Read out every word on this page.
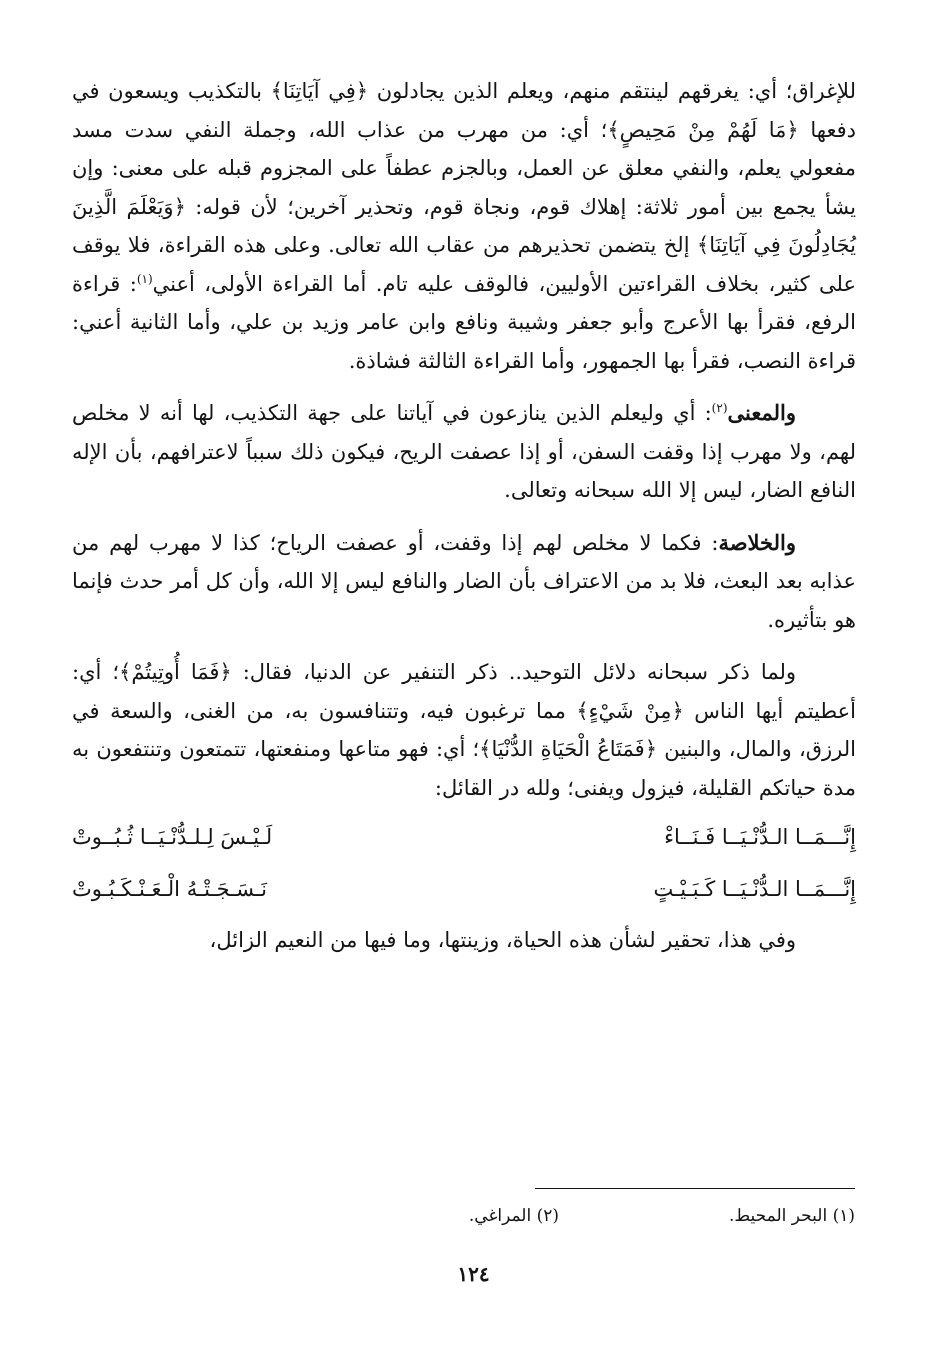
للإغراق؛ أي: يغرقهم لينتقم منهم، ويعلم الذين يجادلون ﴿فِي آيَاتِنَا﴾ بالتكذيب ويسعون في دفعها ﴿مَا لَهُمْ مِنْ مَحِيصٍ﴾؛ أي: من مهرب من عذاب الله، وجملة النفي سدت مسد مفعولي يعلم، والنفي معلق عن العمل، وبالجزم عطفاً على المجزوم قبله على معنى: وإن يشأ يجمع بين أمور ثلاثة: إهلاك قوم، ونجاة قوم، وتحذير آخرين؛ لأن قوله: ﴿وَيَعْلَمَ الَّذِينَ يُجَادِلُونَ فِي آيَاتِنَا﴾ إلخ يتضمن تحذيرهم من عقاب الله تعالى. وعلى هذه القراءة، فلا يوقف على كثير، بخلاف القراءتين الأوليين، فالوقف عليه تام. أما القراءة الأولى، أعني$^{(١)}$: قراءة الرفع، فقرأ بها الأعرج وأبو جعفر وشيبة ونافع وابن عامر وزيد بن علي، وأما الثانية أعني: قراءة النصب، فقرأ بها الجمهور، وأما القراءة الثالثة فشاذة.

والمعنى$^{(٢)}$: أي وليعلم الذين ينازعون في آياتنا على جهة التكذيب، لها أنه لا مخلص لهم، ولا مهرب إذا وقفت السفن، أو إذا عصفت الريح، فيكون ذلك سبباً لاعترافهم، بأن الإله النافع الضار، ليس إلا الله سبحانه وتعالى.

والخلاصة: فكما لا مخلص لهم إذا وقفت، أو عصفت الرياح؛ كذا لا مهرب لهم من عذابه بعد البعث، فلا بد من الاعتراف بأن الضار والنافع ليس إلا الله، وأن كل أمر حدث فإنما هو بتأثيره.

ولما ذكر سبحانه دلائل التوحيد.. ذكر التنفير عن الدنيا، فقال: ﴿فَمَا أُوتِيتُمْ﴾؛ أي: أعطيتم أيها الناس ﴿مِنْ شَيْءٍ﴾ مما ترغبون فيه، وتتنافسون به، من الغنى، والسعة في الرزق، والمال، والبنين ﴿فَمَتَاعُ الْحَيَاةِ الدُّنْيَا﴾؛ أي: فهو متاعها ومنفعتها، تتمتعون وتنتفعون به مدة حياتكم القليلة، فيزول ويفنى؛ ولله در القائل:

إِنَّـــمَــا الـدُّنْـيَــا فَـنَــاءْ
لَـيْـسَ لِـلـدُّنْـيَــا ثُـبُــوتْ
إِنَّـــمَــا الـدُّنْـيَــا كَـبَـيْـتٍ
نَـسَـجَـتْـهُ الْـعَـنْـكَـبُـوتْ

وفي هذا، تحقير لشأن هذه الحياة، وزينتها، وما فيها من النعيم الزائل،

(١) البحر المحيط.
(٢) المراغي.
١٢٤
